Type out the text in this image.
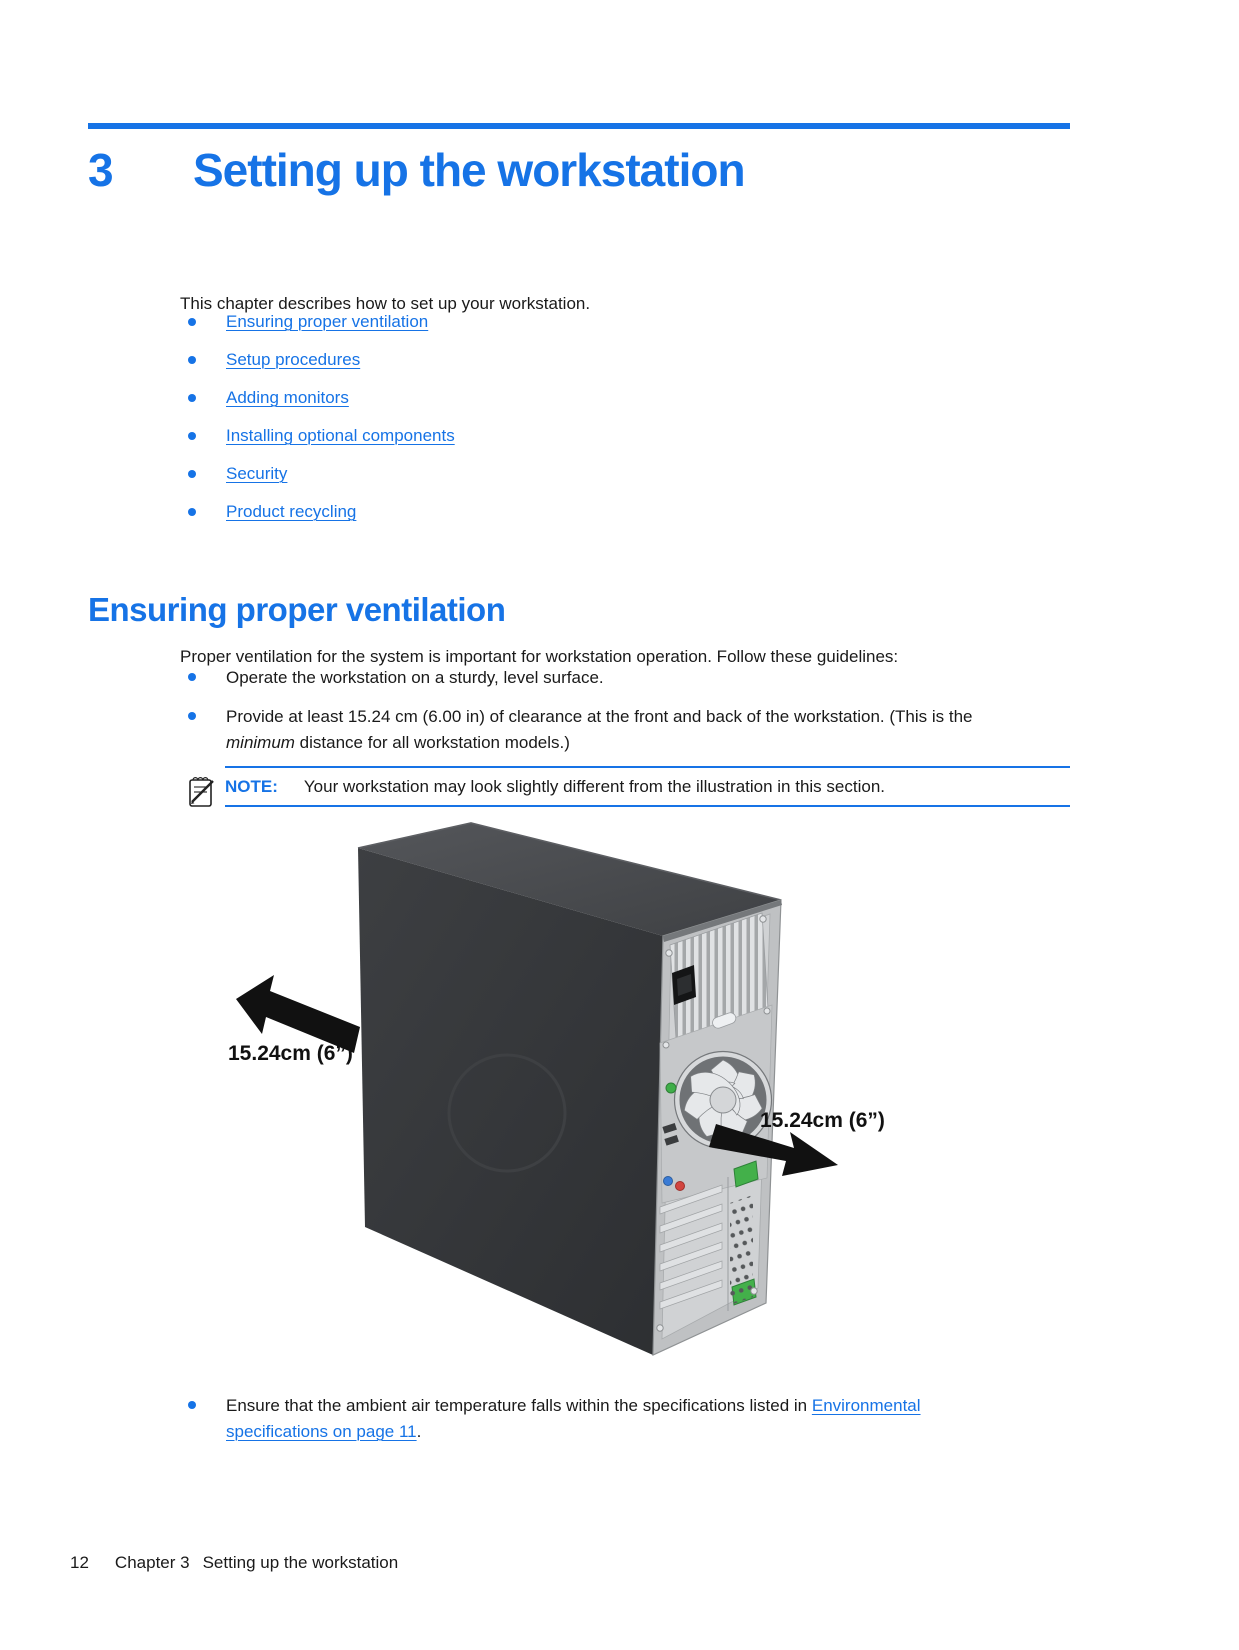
3	Setting up the workstation

This chapter describes how to set up your workstation.

Ensuring proper ventilation
Setup procedures
Adding monitors
Installing optional components
Security
Product recycling
Ensuring proper ventilation

Proper ventilation for the system is important for workstation operation. Follow these guidelines:

Operate the workstation on a sturdy, level surface.
Provide at least 15.24 cm (6.00 in) of clearance at the front and back of the workstation. (This is the
minimum distance for all workstation models.)
NOTE: Your workstation may look slightly different from the illustration in this section.
15.24cm (6”)
15.24cm (6”)
Ensure that the ambient air temperature falls within the specifications listed in Environmental
specifications on page 11.
12 Chapter 3 Setting up the workstation
